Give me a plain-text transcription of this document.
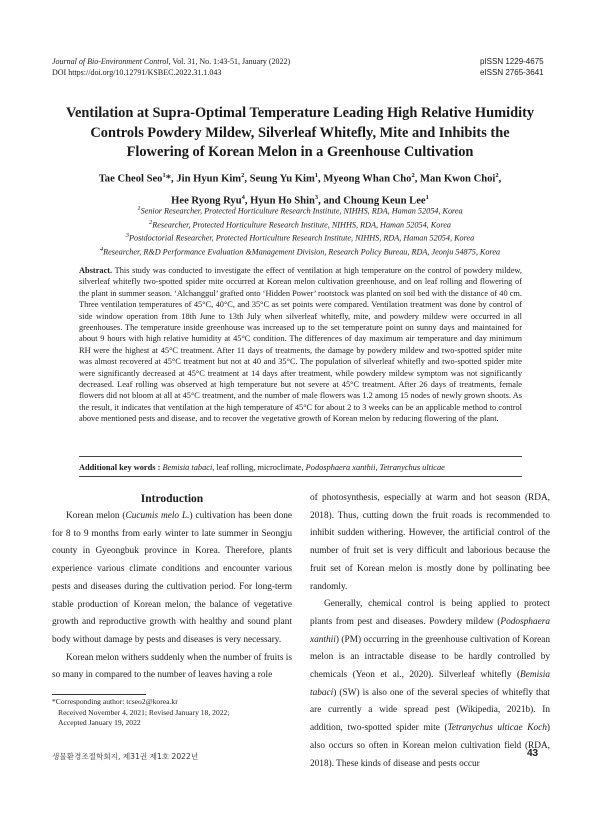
Journal of Bio-Environment Control, Vol. 31, No. 1:43-51, January (2022)
DOI https://doi.org/10.12791/KSBEC.2022.31.1.043
pISSN 1229-4675
eISSN 2765-3641
Ventilation at Supra-Optimal Temperature Leading High Relative Humidity Controls Powdery Mildew, Silverleaf Whitefly, Mite and Inhibits the Flowering of Korean Melon in a Greenhouse Cultivation
Tae Cheol Seo$^1$*, Jin Hyun Kim$^2$, Seung Yu Kim$^1$, Myeong Whan Cho$^2$, Man Kwon Choi$^2$,
Hee Ryong Ryu$^4$, Hyun Ho Shin$^3$, and Choung Keun Lee$^1$
$^1$Senior Researcher, Protected Horticulture Research Institute, NIHHS, RDA, Haman 52054, Korea
$^2$Researcher, Protected Horticulture Research Institute, NIHHS, RDA, Haman 52054, Korea
$^3$Postdoctorial Researcher, Protected Horticulture Research Institute, NIHHS, RDA, Haman 52054, Korea
$^4$Researcher, R&D Performance Evaluation &Management Division, Research Policy Bureau, RDA, Jeonju 54875, Korea

Abstract. This study was conducted to investigate the effect of ventilation at high temperature on the control of powdery mildew, silverleaf whitefly two-spotted spider mite occurred at Korean melon cultivation greenhouse, and on leaf rolling and flowering of the plant in summer season. ‘Alchanggul’ grafted onto ‘Hidden Power’ rootstock was planted on soil bed with the distance of 40 cm. Three ventilation temperatures of 45°C, 40°C, and 35°C as set points were compared. Ventilation treatment was done by control of side window operation from 18th June to 13th July when silverleaf whitefly, mite, and powdery mildew were occurred in all greenhouses. The temperature inside greenhouse was increased up to the set temperature point on sunny days and maintained for about 9 hours with high relative humidity at 45°C condition. The differences of day maximum air temperature and day minimum RH were the highest at 45°C treatment. After 11 days of treatments, the damage by powdery mildew and two-spotted spider mite was almost recovered at 45°C treatment but not at 40 and 35°C. The population of silverleaf whitefly and two-spotted spider mite were significantly decreased at 45°C treatment at 14 days after treatment, while powdery mildew symptom was not significantly decreased. Leaf rolling was observed at high temperature but not severe at 45°C treatment. After 26 days of treatments, female flowers did not bloom at all at 45°C treatment, and the number of male flowers was 1.2 among 15 nodes of newly grown shoots. As the result, it indicates that ventilation at the high temperature of 45°C for about 2 to 3 weeks can be an applicable method to control above mentioned pests and disease, and to recover the vegetative growth of Korean melon by reducing flowering of the plant.

Additional key words : Bemisia tabaci, leaf rolling, microclimate, Podosphaera xanthii, Tetranychus ulticae

Introduction

Korean melon (Cucumis melo L.) cultivation has been done for 8 to 9 months from early winter to late summer in Seongju county in Gyeongbuk province in Korea. Therefore, plants experience various climate conditions and encounter various pests and diseases during the cultivation period. For long-term stable production of Korean melon, the balance of vegetative growth and reproductive growth with healthy and sound plant body without damage by pests and diseases is very necessary.

Korean melon withers suddenly when the number of fruits is so many in compared to the number of leaves having a role

of photosynthesis, especially at warm and hot season (RDA, 2018). Thus, cutting down the fruit roads is recommended to inhibit sudden withering. However, the artificial control of the number of fruit set is very difficult and laborious because the fruit set of Korean melon is mostly done by pollinating bee randomly.

Generally, chemical control is being applied to protect plants from pest and diseases. Powdery mildew (Podosphaera xanthii) (PM) occurring in the greenhouse cultivation of Korean melon is an intractable disease to be hardly controlled by chemicals (Yeon et al., 2020). Silverleaf whitefly (Bemisia tabaci) (SW) is also one of the several species of whitefly that are currently a wide spread pest (Wikipedia, 2021b). In addition, two-spotted spider mite (Tetranychus ulticae Koch) also occurs so often in Korean melon cultivation field (RDA, 2018). These kinds of disease and pests occur

*Corresponding author: tcseo2@korea.kr
Received November 4, 2021; Revised January 18, 2022;
Accepted January 19, 2022
생물환경조절학회지, 제31권 제1호 2022년	43
